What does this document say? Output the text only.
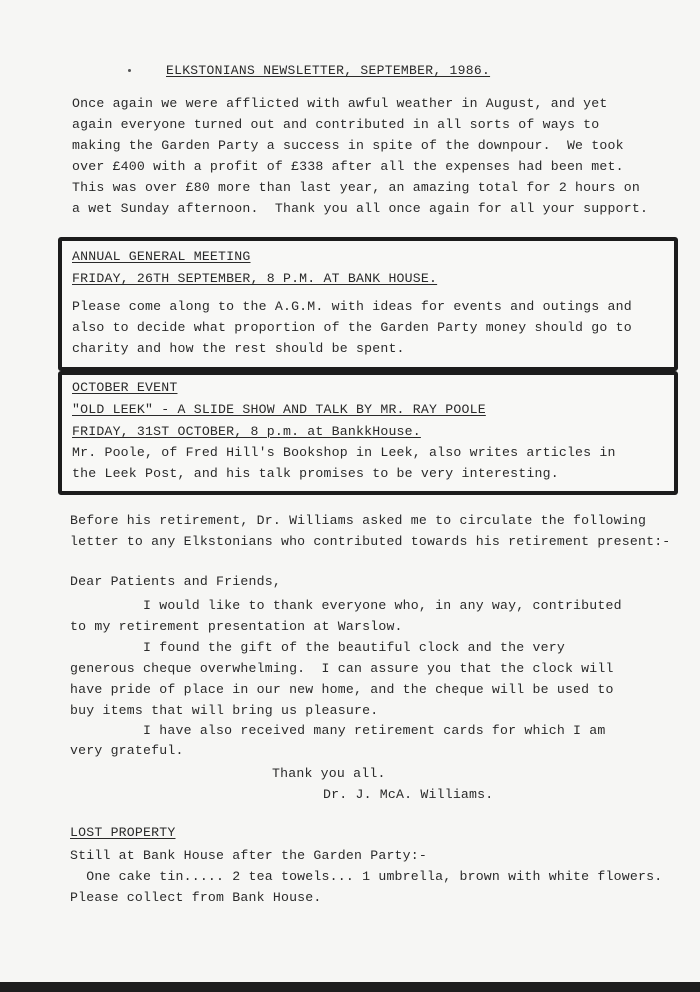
ELKSTONIANS NEWSLETTER, SEPTEMBER, 1986.
Once again we were afflicted with awful weather in August, and yet
again everyone turned out and contributed in all sorts of ways to
making the Garden Party a success in spite of the downpour.  We took
over £400 with a profit of £338 after all the expenses had been met.
This was over £80 more than last year, an amazing total for 2 hours on
a wet Sunday afternoon.  Thank you all once again for all your support.
ANNUAL GENERAL MEETING
FRIDAY, 26TH SEPTEMBER, 8 P.M. AT BANK HOUSE.
Please come along to the A.G.M. with ideas for events and outings and
also to decide what proportion of the Garden Party money should go to
charity and how the rest should be spent.
OCTOBER EVENT
"OLD LEEK" - A SLIDE SHOW AND TALK BY MR. RAY POOLE
FRIDAY, 31ST OCTOBER, 8 p.m. at BankkHouse.
Mr. Poole, of Fred Hill's Bookshop in Leek, also writes articles in
the Leek Post, and his talk promises to be very interesting.
Before his retirement, Dr. Williams asked me to circulate the following
letter to any Elkstonians who contributed towards his retirement present:-
Dear Patients and Friends,
I would like to thank everyone who, in any way, contributed
to my retirement presentation at Warslow.
I found the gift of the beautiful clock and the very
generous cheque overwhelming.  I can assure you that the clock will
have pride of place in our new home, and the cheque will be used to
buy items that will bring us pleasure.
I have also received many retirement cards for which I am
very grateful.
Thank you all.
Dr. J. McA. Williams.
LOST PROPERTY
Still at Bank House after the Garden Party:-
One cake tin..... 2 tea towels... 1 umbrella, brown with white flowers.
Please collect from Bank House.
